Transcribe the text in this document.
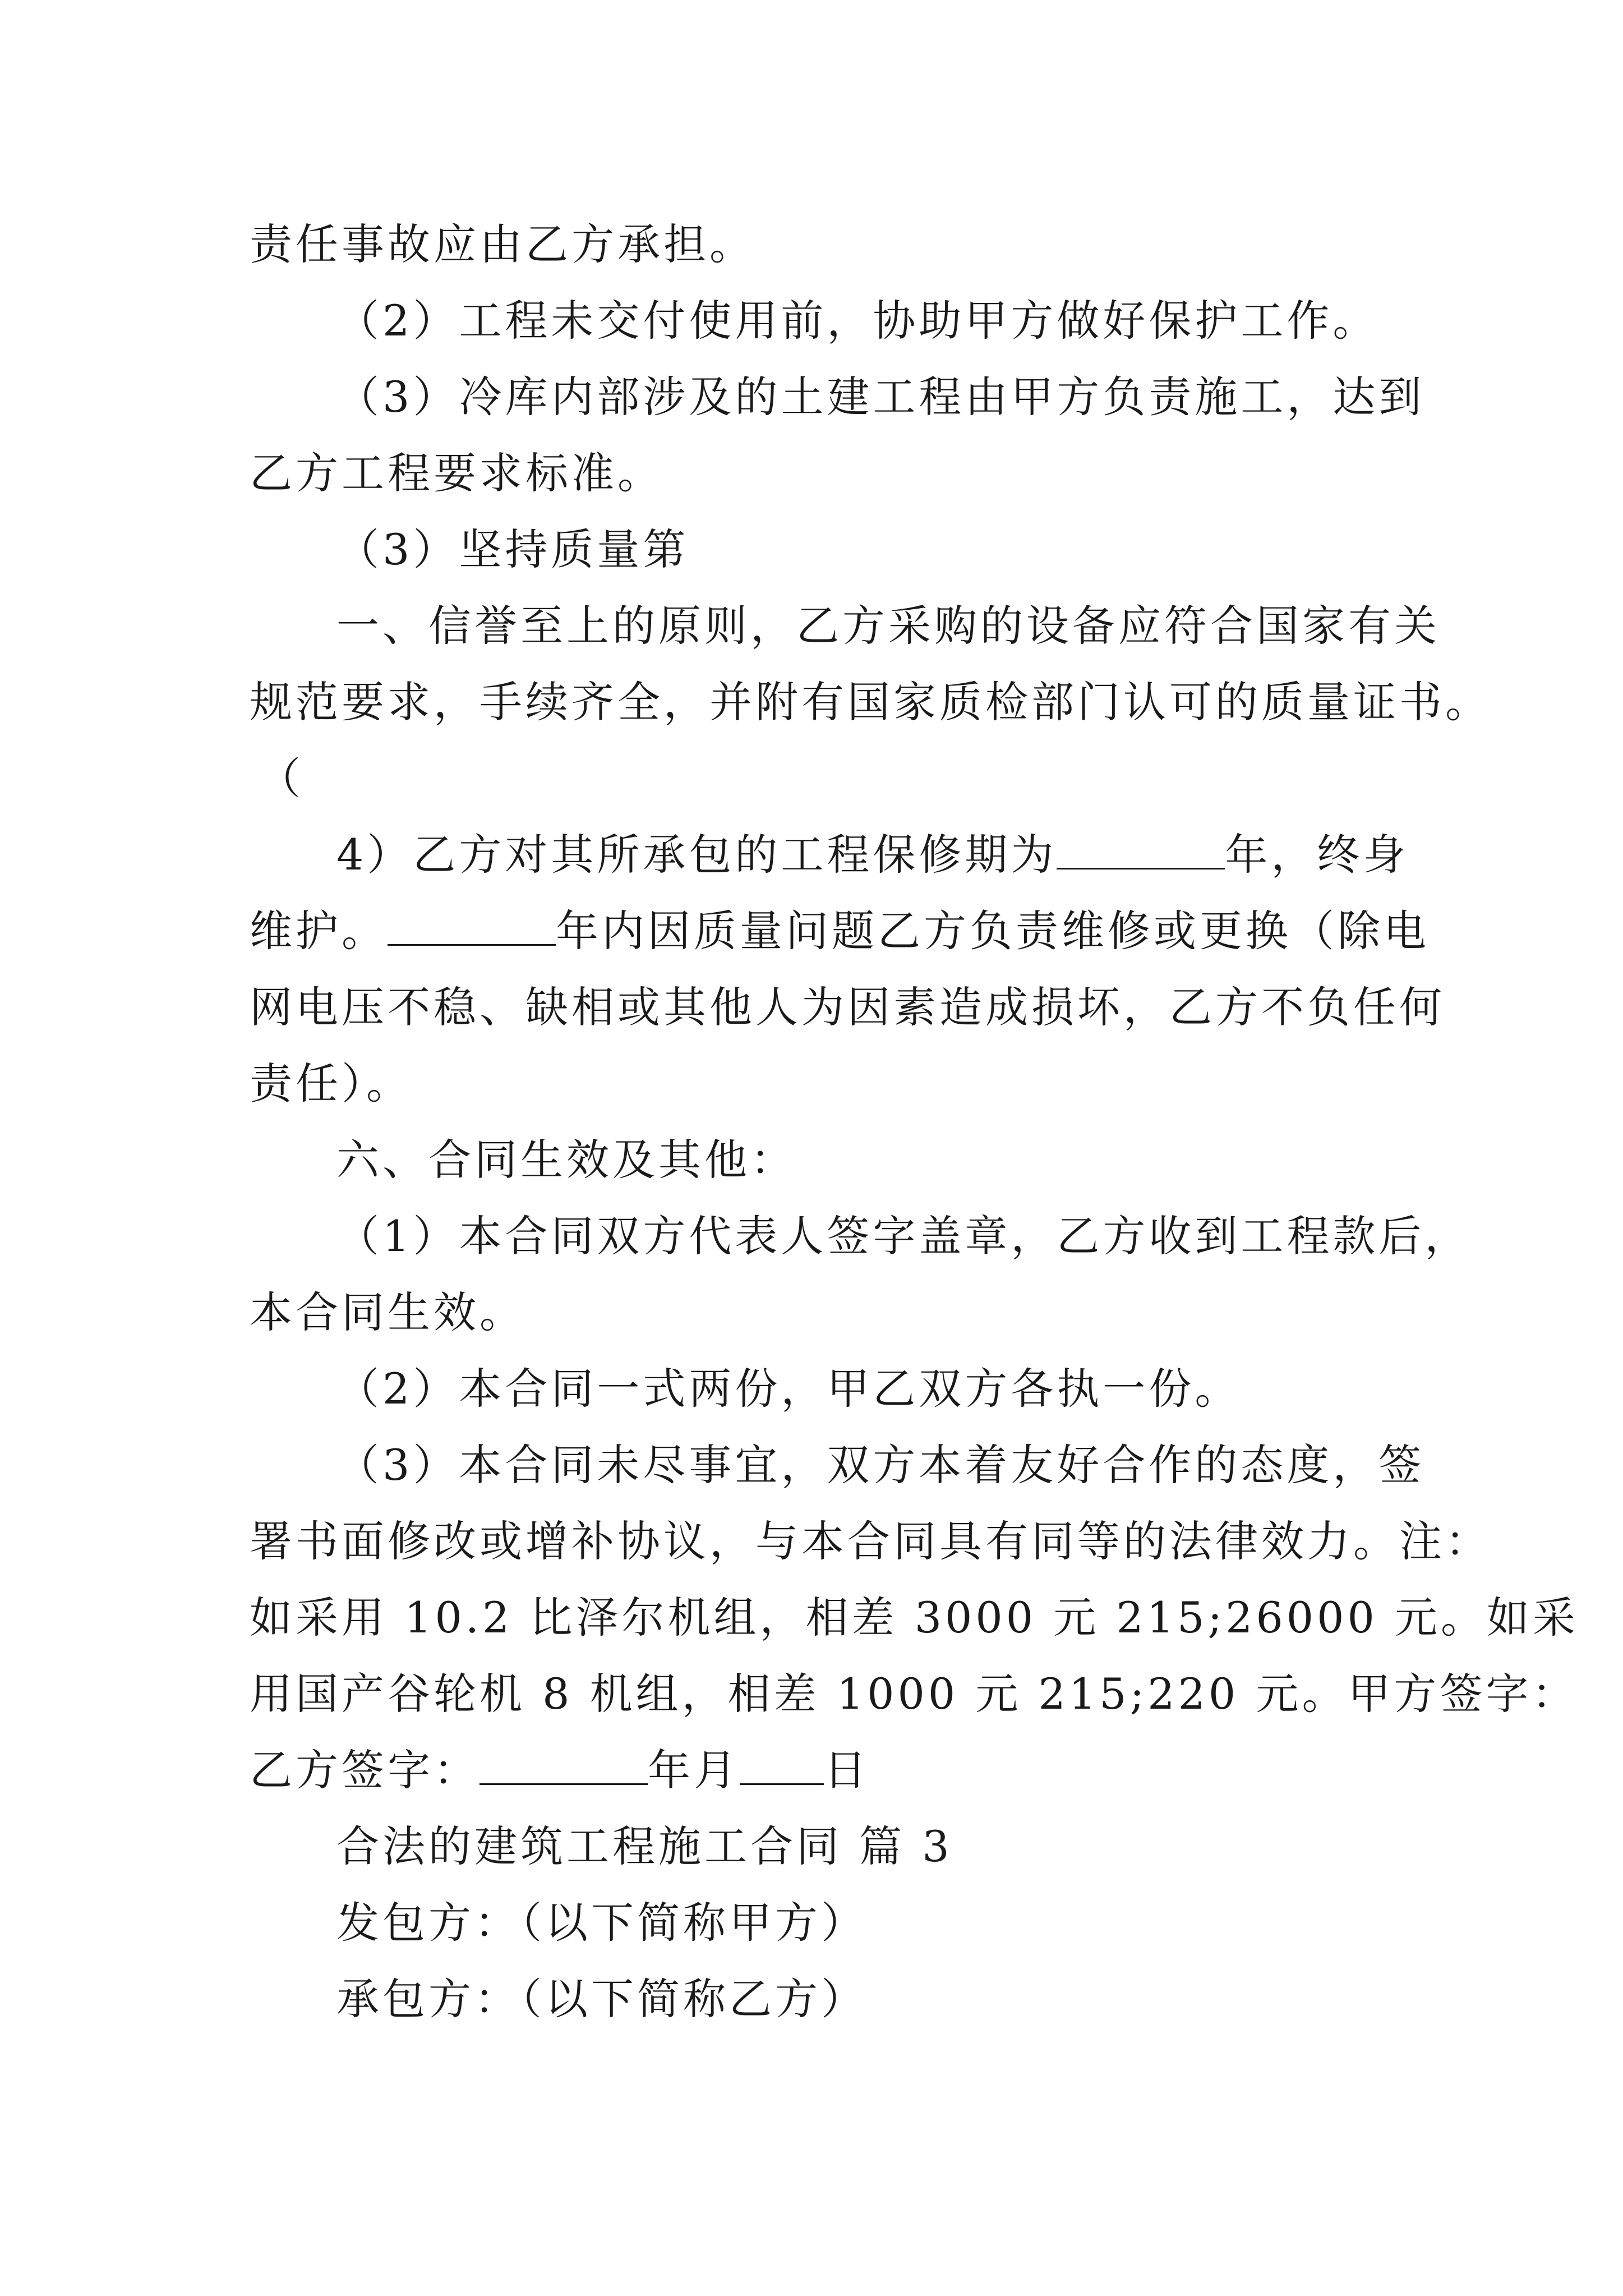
责任事故应由乙方承担。
（2）工程未交付使用前，协助甲方做好保护工作。
（3）冷库内部涉及的土建工程由甲方负责施工，达到
乙方工程要求标准。
（3）坚持质量第
一、信誉至上的原则，乙方采购的设备应符合国家有关
规范要求，手续齐全，并附有国家质检部门认可的质量证书。
（
4）乙方对其所承包的工程保修期为	年，终身
维护。	年内因质量问题乙方负责维修或更换（除电
网电压不稳、缺相或其他人为因素造成损坏，乙方不负任何
责任）。
六、合同生效及其他：
（1）本合同双方代表人签字盖章，乙方收到工程款后，
本合同生效。
（2）本合同一式两份，甲乙双方各执一份。
（3）本合同未尽事宜，双方本着友好合作的态度，签
署书面修改或增补协议，与本合同具有同等的法律效力。注：
如采用 10.2 比泽尔机组，相差 3000 元 215;26000 元。如采
用国产谷轮机 8 机组，相差 1000 元 215;220 元。甲方签字：
乙方签字：	年月 日
合法的建筑工程施工合同 篇 3
发包方：（以下简称甲方）
承包方：（以下简称乙方）
